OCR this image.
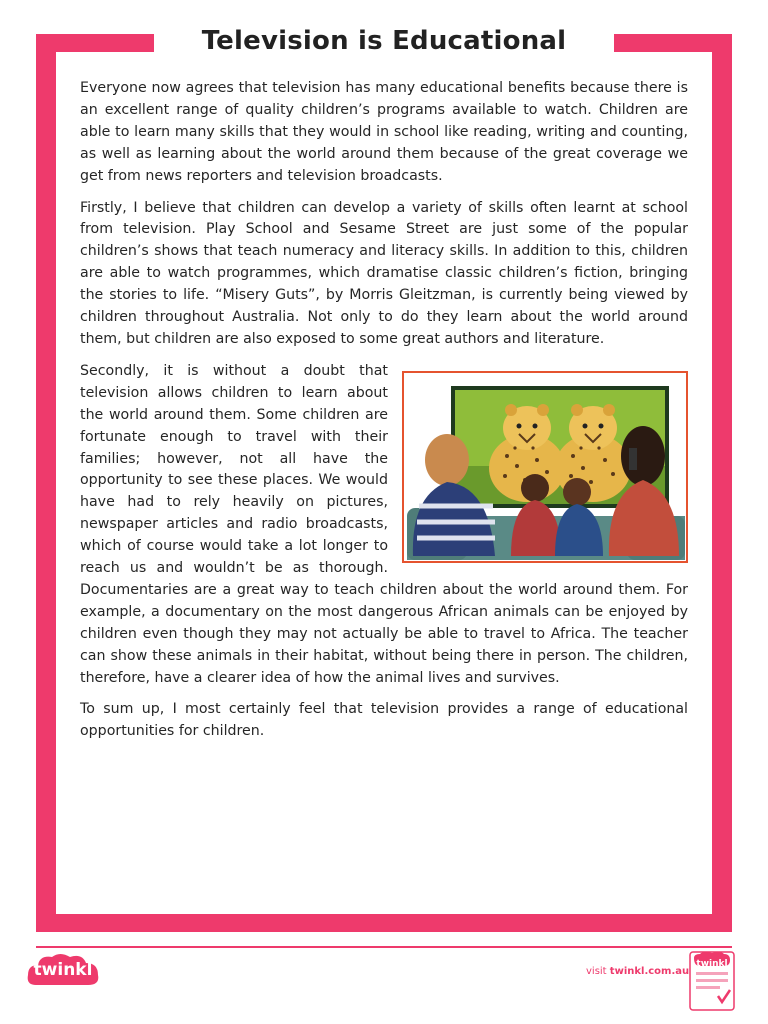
Television is Educational

Everyone now agrees that television has many educational benefits because there is an excellent range of quality children’s programs available to watch. Children are able to learn many skills that they would in school like reading, writing and counting, as well as learning about the world around them because of the great coverage we get from news reporters and television broadcasts.

Firstly, I believe that children can develop a variety of skills often learnt at school from television. Play School and Sesame Street are just some of the popular children’s shows that teach numeracy and literacy skills. In addition to this, children are able to watch programmes, which dramatise classic children’s fiction, bringing the stories to life. “Misery Guts”, by Morris Gleitzman, is currently being viewed by children throughout Australia. Not only to do they learn about the world around them, but children are also exposed to some great authors and literature.

Secondly, it is without a doubt that television allows children to learn about the world around them. Some children are fortunate enough to travel with their families; however, not all have the opportunity to see these places. We would have had to rely heavily on pictures, newspaper articles and radio broadcasts, which of course would take a lot longer to reach us and wouldn’t be as thorough. Documentaries are a great way to teach children about the world around them. For example, a documentary on the most dangerous African animals can be enjoyed by children even though they may not actually be able to travel to Africa. The teacher can show these animals in their habitat, without being there in person. The children, therefore, have a clearer idea of how the animal lives and survives.

To sum up, I most certainly feel that television provides a range of educational opportunities for children.

twinkl	visit twinkl.com.au
twinkl
